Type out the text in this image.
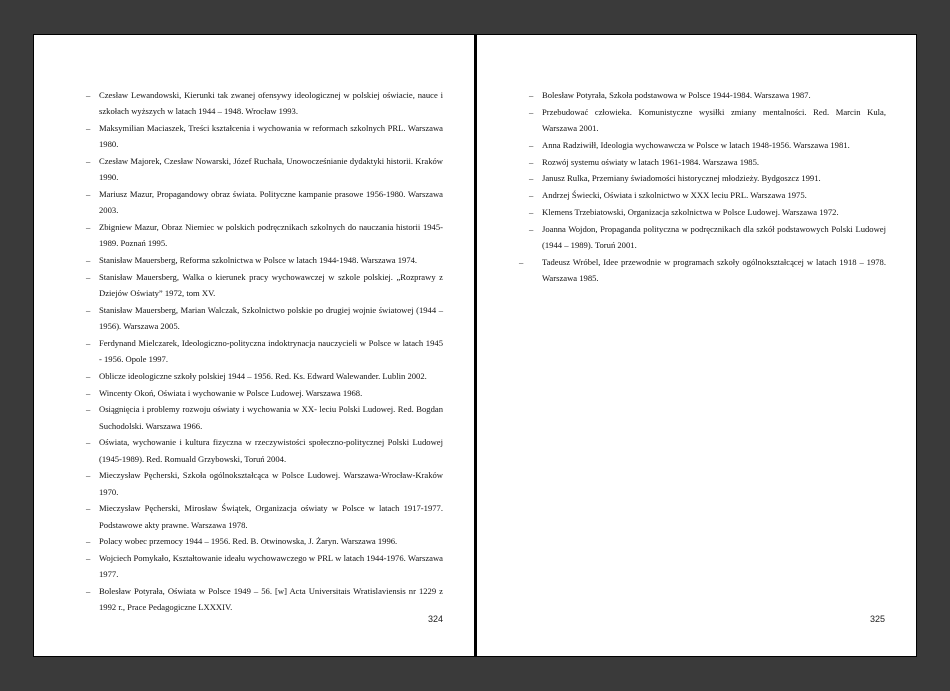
– Czesław Lewandowski, Kierunki tak zwanej ofensywy ideologicznej w polskiej oświacie, nauce i szkołach wyższych w latach 1944 – 1948. Wrocław 1993.
– Maksymilian Maciaszek, Treści kształcenia i wychowania w reformach szkolnych PRL. Warszawa 1980.
– Czesław Majorek, Czesław Nowarski, Józef Ruchała, Unowocześnianie dydaktyki historii. Kraków 1990.
– Mariusz Mazur, Propagandowy obraz świata. Polityczne kampanie prasowe 1956-1980. Warszawa 2003.
– Zbigniew Mazur, Obraz Niemiec w polskich podręcznikach szkolnych do nauczania historii 1945-1989. Poznań 1995.
– Stanisław Mauersberg, Reforma szkolnictwa w Polsce w latach 1944-1948. Warszawa 1974.
– Stanisław Mauersberg, Walka o kierunek pracy wychowawczej w szkole polskiej. „Rozprawy z Dziejów Oświaty” 1972, tom XV.
– Stanisław Mauersberg, Marian Walczak, Szkolnictwo polskie po drugiej wojnie światowej (1944 – 1956). Warszawa 2005.
– Ferdynand Mielczarek, Ideologiczno-polityczna indoktrynacja nauczycieli w Polsce w latach 1945 - 1956. Opole 1997.
– Oblicze ideologiczne szkoły polskiej 1944 – 1956. Red. Ks. Edward Walewander. Lublin 2002.
– Wincenty Okoń, Oświata i wychowanie w Polsce Ludowej. Warszawa 1968.
– Osiągnięcia i problemy rozwoju oświaty i wychowania w XX- leciu Polski Ludowej. Red. Bogdan Suchodolski. Warszawa 1966.
– Oświata, wychowanie i kultura fizyczna w rzeczywistości społeczno-politycznej Polski Ludowej (1945-1989). Red. Romuald Grzybowski, Toruń 2004.
– Mieczysław Pęcherski, Szkoła ogólnokształcąca w Polsce Ludowej. Warszawa-Wrocław-Kraków 1970.
– Mieczysław Pęcherski, Mirosław Świątek, Organizacja oświaty w Polsce w latach 1917-1977. Podstawowe akty prawne. Warszawa 1978.
– Polacy wobec przemocy 1944 – 1956. Red. B. Otwinowska, J. Żaryn. Warszawa 1996.
– Wojciech Pomykało, Kształtowanie ideału wychowawczego w PRL w latach 1944-1976. Warszawa 1977.
– Bolesław Potyrała, Oświata w Polsce 1949 – 56. [w] Acta Universitais Wratislaviensis nr 1229 z 1992 r., Prace Pedagogiczne LXXXIV.
324
– Bolesław Potyrała, Szkoła podstawowa w Polsce 1944-1984. Warszawa 1987.
– Przebudować człowieka. Komunistyczne wysiłki zmiany mentalności. Red. Marcin Kula, Warszawa 2001.
– Anna Radziwiłł, Ideologia wychowawcza w Polsce w latach 1948-1956. Warszawa 1981.
– Rozwój systemu oświaty w latach 1961-1984. Warszawa 1985.
– Janusz Rulka, Przemiany świadomości historycznej młodzieży. Bydgoszcz 1991.
– Andrzej Świecki, Oświata i szkolnictwo w XXX leciu PRL. Warszawa 1975.
– Klemens Trzebiatowski, Organizacja szkolnictwa w Polsce Ludowej. Warszawa 1972.
– Joanna Wojdon, Propaganda polityczna w podręcznikach dla szkół podstawowych Polski Ludowej (1944 – 1989). Toruń 2001.
– Tadeusz Wróbel, Idee przewodnie w programach szkoły ogólnokształcącej w latach 1918 – 1978. Warszawa 1985.
325
